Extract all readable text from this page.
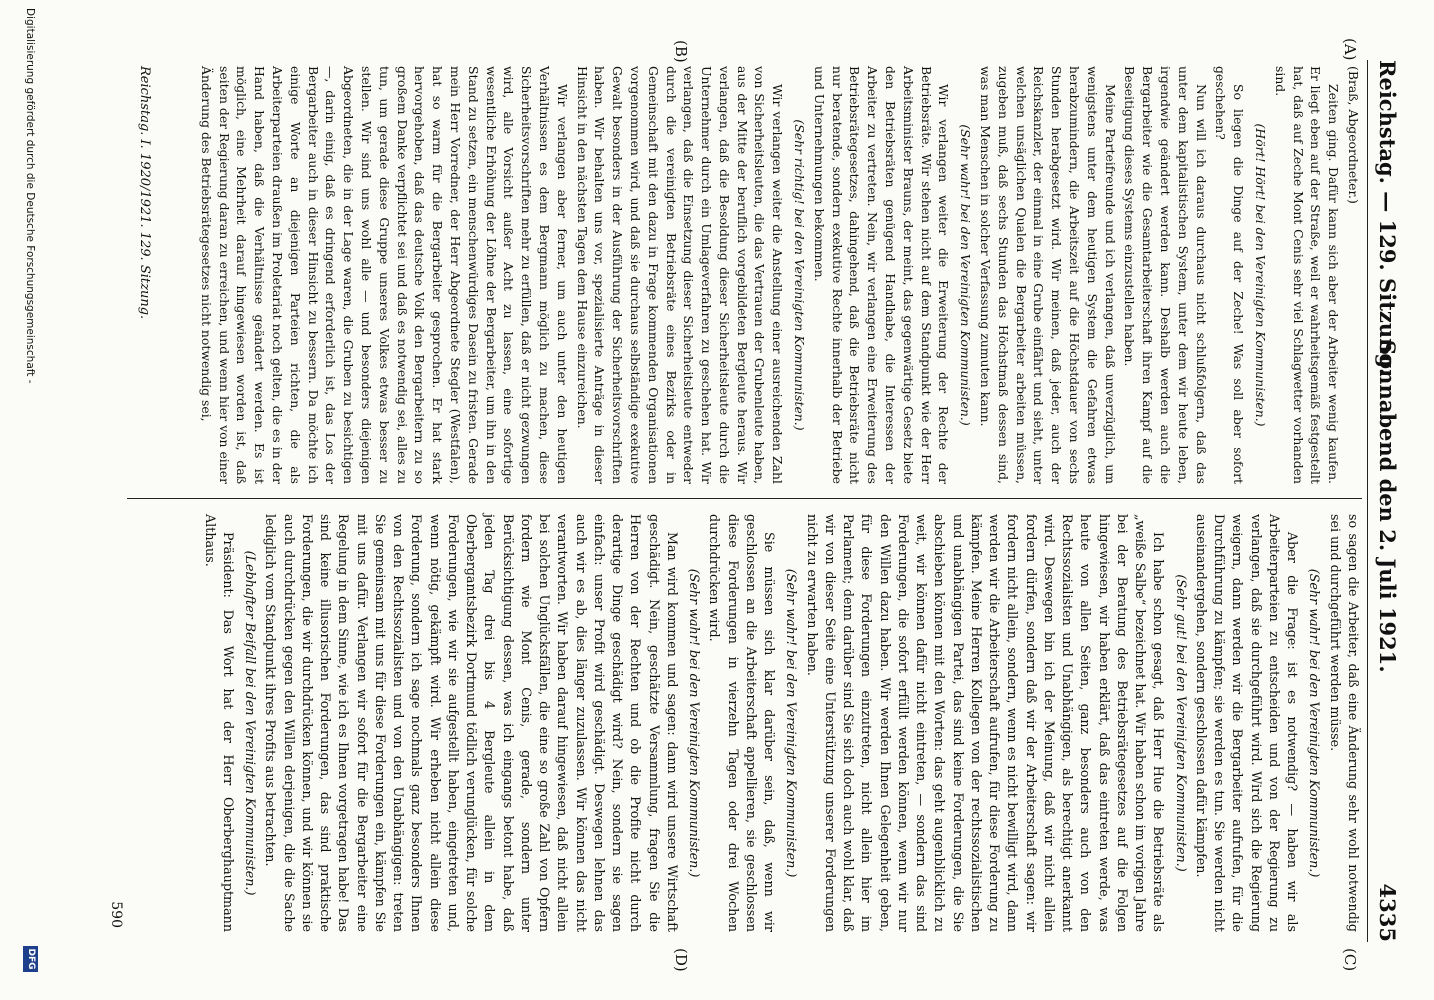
Reichstag. — 129. Sitzung.
Sonnabend den 2. Juli 1921.
4335
(A)
(B)
(C)
(D)

(Braß, Abgeordneter.)

Zeiten ging. Dafür kann sich aber der Arbeiter wenig kaufen. Er liegt eben auf der Straße, weil er wahrheitsgemäß festgestellt hat, daß auf Zeche Mont Cenis sehr viel Schlagwetter vorhanden sind.

(Hört! Hört! bei den Vereinigten Kommunisten.)

So liegen die Dinge auf der Zeche! Was soll aber sofort geschehen?

Nun will ich daraus durchaus nicht schlußfolgern, daß das unter dem kapitalistischen System, unter dem wir heute leben, irgendwie geändert werden kann. Deshalb werden auch die Bergarbeiter wie die Gesamtarbeiterschaft ihren Kampf auf die Beseitigung dieses Systems einzustellen haben.

Meine Parteifreunde und ich verlangen, daß unverzüglich, um wenigstens unter dem heutigen System die Gefahren etwas herabzumindern, die Arbeitszeit auf die Höchstdauer von sechs Stunden herabgesetzt wird. Wir meinen, daß jeder, auch der Reichskanzler, der einmal in eine Grube einfährt und sieht, unter welchen unsäglichen Qualen die Bergarbeiter arbeiten müssen, zugeben muß, daß sechs Stunden das Höchstmaß dessen sind, was man Menschen in solcher Verfassung zumuten kann.

(Sehr wahr! bei den Vereinigten Kommunisten.)

Wir verlangen weiter die Erweiterung der Rechte der Betriebsräte. Wir stehen nicht auf dem Standpunkt wie der Herr Arbeitsminister Brauns, der meint, das gegenwärtige Gesetz biete den Betriebsräten genügend Handhabe, die Interessen der Arbeiter zu vertreten. Nein, wir verlangen eine Erweiterung des Betriebsrätegesetzes, dahingehend, daß die Betriebsräte nicht nur beratende, sondern exekutive Rechte innerhalb der Betriebe und Unternehmungen bekommen.

(Sehr richtig! bei den Vereinigten Kommunisten.)

Wir verlangen weiter die Anstellung einer ausreichenden Zahl von Sicherheitsleuten, die das Vertrauen der Grubenleute haben, aus der Mitte der beruflich vorgebildeten Bergleute heraus. Wir verlangen, daß die Besoldung dieser Sicherheitsleute durch die Unternehmer durch ein Umlageverfahren zu geschehen hat. Wir verlangen, daß die Einsetzung dieser Sicherheitsleute entweder durch die vereinigten Betriebsräte eines Bezirks oder in Gemeinschaft mit den dazu in Frage kommenden Organisationen vorgenommen wird, und daß sie durchaus selbständige exekutive Gewalt besonders in der Ausführung der Sicherheitsvorschriften haben. Wir behalten uns vor, spezialisierte Anträge in dieser Hinsicht in den nächsten Tagen dem Hause einzureichen.

Wir verlangen aber ferner, um auch unter den heutigen Verhältnissen es dem Bergmann möglich zu machen, diese Sicherheitsvorschriften mehr zu erfüllen, daß er nicht gezwungen wird, alle Vorsicht außer Acht zu lassen, eine sofortige wesentliche Erhöhung der Löhne der Bergarbeiter, um ihn in den Stand zu setzen, ein menschenwürdiges Dasein zu fristen. Gerade mein Herr Vorredner, der Herr Abgeordnete Stegler (Westfalen), hat so warm für die Bergarbeiter gesprochen. Er hat stark hervorgehoben, daß das deutsche Volk den Bergarbeitern zu so großem Danke verpflichtet sei und daß es notwendig sei, alles zu tun, um gerade diese Gruppe unseres Volkes etwas besser zu stellen. Wir sind uns wohl alle — und besonders diejenigen Abgeordneten, die in der Lage waren, die Gruben zu besichtigen —, darin einig, daß es dringend erforderlich ist, das Los der Bergarbeiter auch in dieser Hinsicht zu bessern. Da möchte ich einige Worte an diejenigen Parteien richten, die als Arbeiterparteien draußen im Proletariat noch gelten, die es in der Hand haben, daß die Verhältnisse geändert werden. Es ist möglich, eine Mehrheit darauf hingewiesen worden ist, daß seiten der Regierung daran zu erreichen, und wenn hier von einer Änderung des Betriebsrätegesetzes nicht notwendig sei,

so sagen die Arbeiter, daß eine Änderung sehr wohl notwendig sei und durchgeführt werden müsse.

(Sehr wahr! bei den Vereinigten Kommunisten.)

Aber die Frage: ist es notwendig? — haben wir als Arbeiterparteien zu entscheiden und von der Regierung zu verlangen, daß sie durchgeführt wird. Wird sich die Regierung weigern, dann werden wir die Bergarbeiter aufrufen, für die Durchführung zu kämpfen; sie werden es tun. Sie werden nicht auseinandergehen, sondern geschlossen dafür kämpfen.

(Sehr gut! bei den Vereinigten Kommunisten.)

Ich habe schon gesagt, daß Herr Hue die Betriebsräte als „weiße Salbe“ bezeichnet hat. Wir haben schon im vorigen Jahre bei der Beratung des Betriebsrätegesetzes auf die Folgen hingewiesen, wir haben erklärt, daß das eintreten werde, was heute von allen Seiten, ganz besonders auch von den Rechtssozialisten und Unabhängigen, als berechtigt anerkannt wird. Deswegen bin ich der Meinung, daß wir nicht allein fordern dürfen, sondern daß wir der Arbeiterschaft sagen: wir fordern nicht allein, sondern, wenn es nicht bewilligt wird, dann werden wir die Arbeiterschaft aufrufen, für diese Forderung zu kämpfen. Meine Herren Kollegen von der rechtssozialistischen und unabhängigen Partei, das sind keine Forderungen, die Sie abschieben können mit den Worten: das geht augenblicklich zu weit, wir können dafür nicht eintreten, — sondern das sind Forderungen, die sofort erfüllt werden können, wenn wir nur den Willen dazu haben. Wir werden Ihnen Gelegenheit geben, für diese Forderungen einzutreten, nicht allein hier im Parlament; denn darüber sind Sie sich doch auch wohl klar, daß wir von dieser Seite eine Unterstützung unserer Forderungen nicht zu erwarten haben.

(Sehr wahr! bei den Vereinigten Kommunisten.)

Sie müssen sich klar darüber sein, daß, wenn wir geschlossen an die Arbeiterschaft appellieren, sie geschlossen diese Forderungen in vierzehn Tagen oder drei Wochen durchdrücken wird.

(Sehr wahr! bei den Vereinigten Kommunisten.)

Man wird kommen und sagen: dann wird unsere Wirtschaft geschädigt. Nein, geschätzte Versammlung, fragen Sie die Herren von der Rechten und ob die Profite nicht durch derartige Dinge geschädigt wird? Nein, sondern sie sagen einfach: unser Profit wird geschädigt. Deswegen lehnen das auch wir es ab, dies länger zuzulassen. Wir können das nicht verantworten. Wir haben darauf hingewiesen, daß nicht allein bei solchen Unglücksfällen, die eine so große Zahl von Opfern fordern wie Mont Cenis, gerade, sondern unter Berücksichtigung dessen, was ich eingangs betont habe, daß jeden Tag drei bis 4 Bergleute allein in dem Oberbergamtsbezirk Dortmund tödlich verunglücken, für solche Forderungen, wie wir sie aufgestellt haben, eingetreten und, wenn nötig, gekämpft wird. Wir erheben nicht allein diese Forderung, sondern ich sage nochmals ganz besonders Ihnen von den Rechtssozialisten und von den Unabhängigen: treten Sie gemeinsam mit uns für diese Forderungen ein, kämpfen Sie mit uns dafür. Verlangen wir sofort für die Bergarbeiter eine Regelung in dem Sinne, wie ich es Ihnen vorgetragen habe! Das sind keine illusorischen Forderungen, das sind praktische Forderungen, die wir durchdrücken können, und wir können sie auch durchdrücken gegen den Willen derjenigen, die die Sache lediglich vom Standpunkt ihres Profits aus betrachten.

(Lebhafter Beifall bei den Vereinigten Kommunisten.)

Präsident: Das Wort hat der Herr Oberberghauptmann Althaus.

Reichstag. I. 1920/1921. 129. Sitzung.
590
Digitalisierung gefördert durch die Deutsche Forschungsgemeinschaft -
DFG
